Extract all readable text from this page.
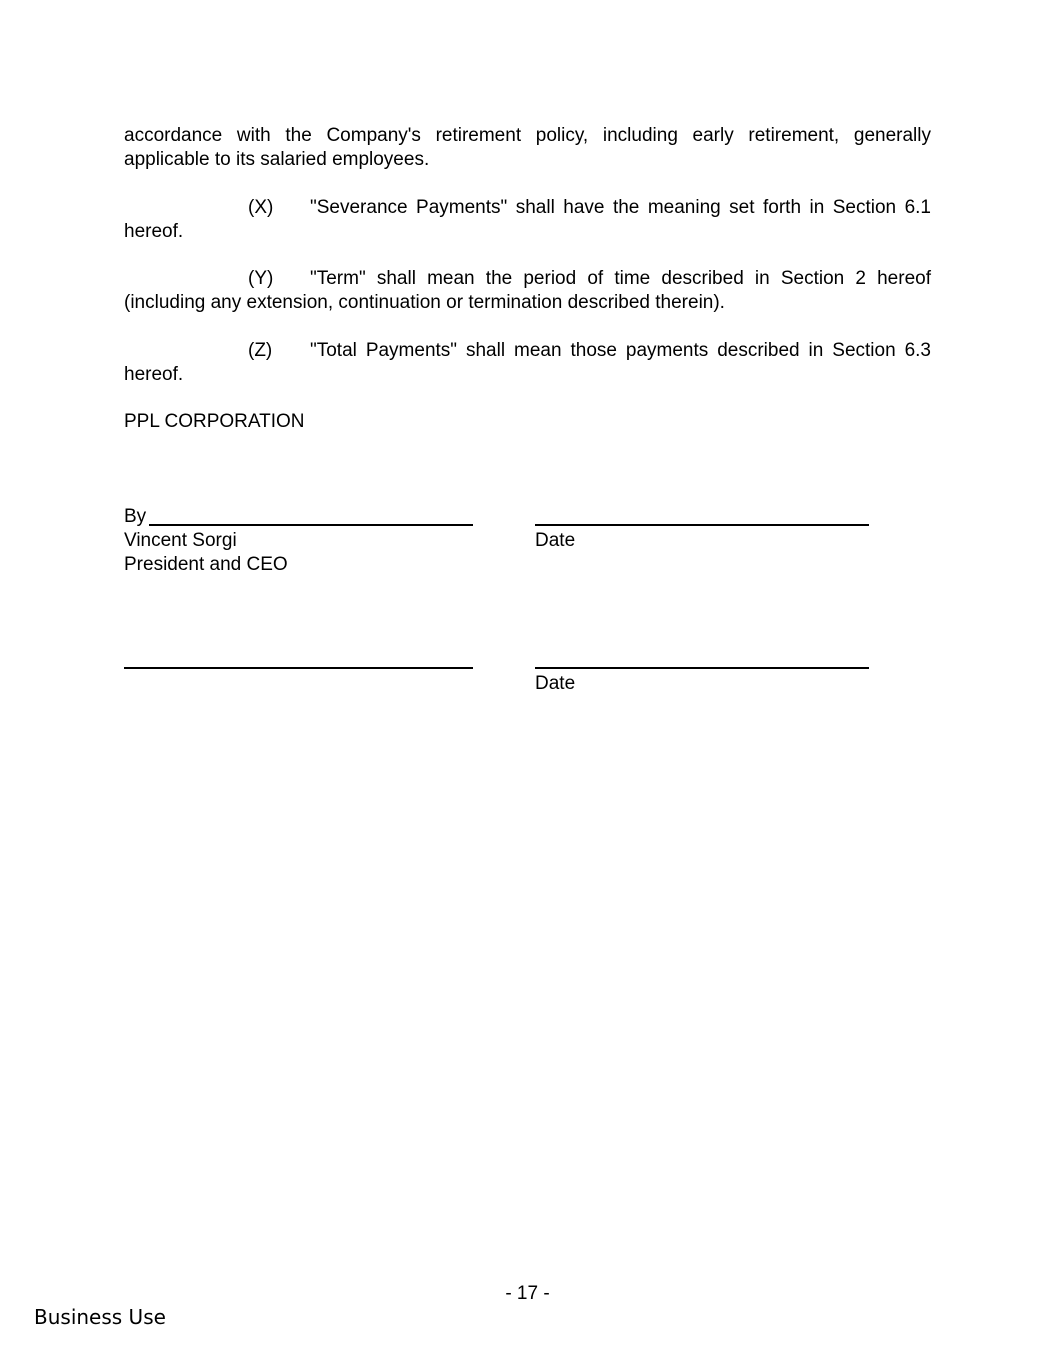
accordance with the Company's retirement policy, including early retirement, generally applicable to its salaried employees.

(X) "Severance Payments" shall have the meaning set forth in Section 6.1 hereof.

(Y) "Term" shall mean the period of time described in Section 2 hereof (including any extension, continuation or termination described therein).

(Z) "Total Payments" shall mean those payments described in Section 6.3 hereof.

PPL CORPORATION

By

Vincent Sorgi	Date

President and CEO

Date

- 17 -

Business Use
